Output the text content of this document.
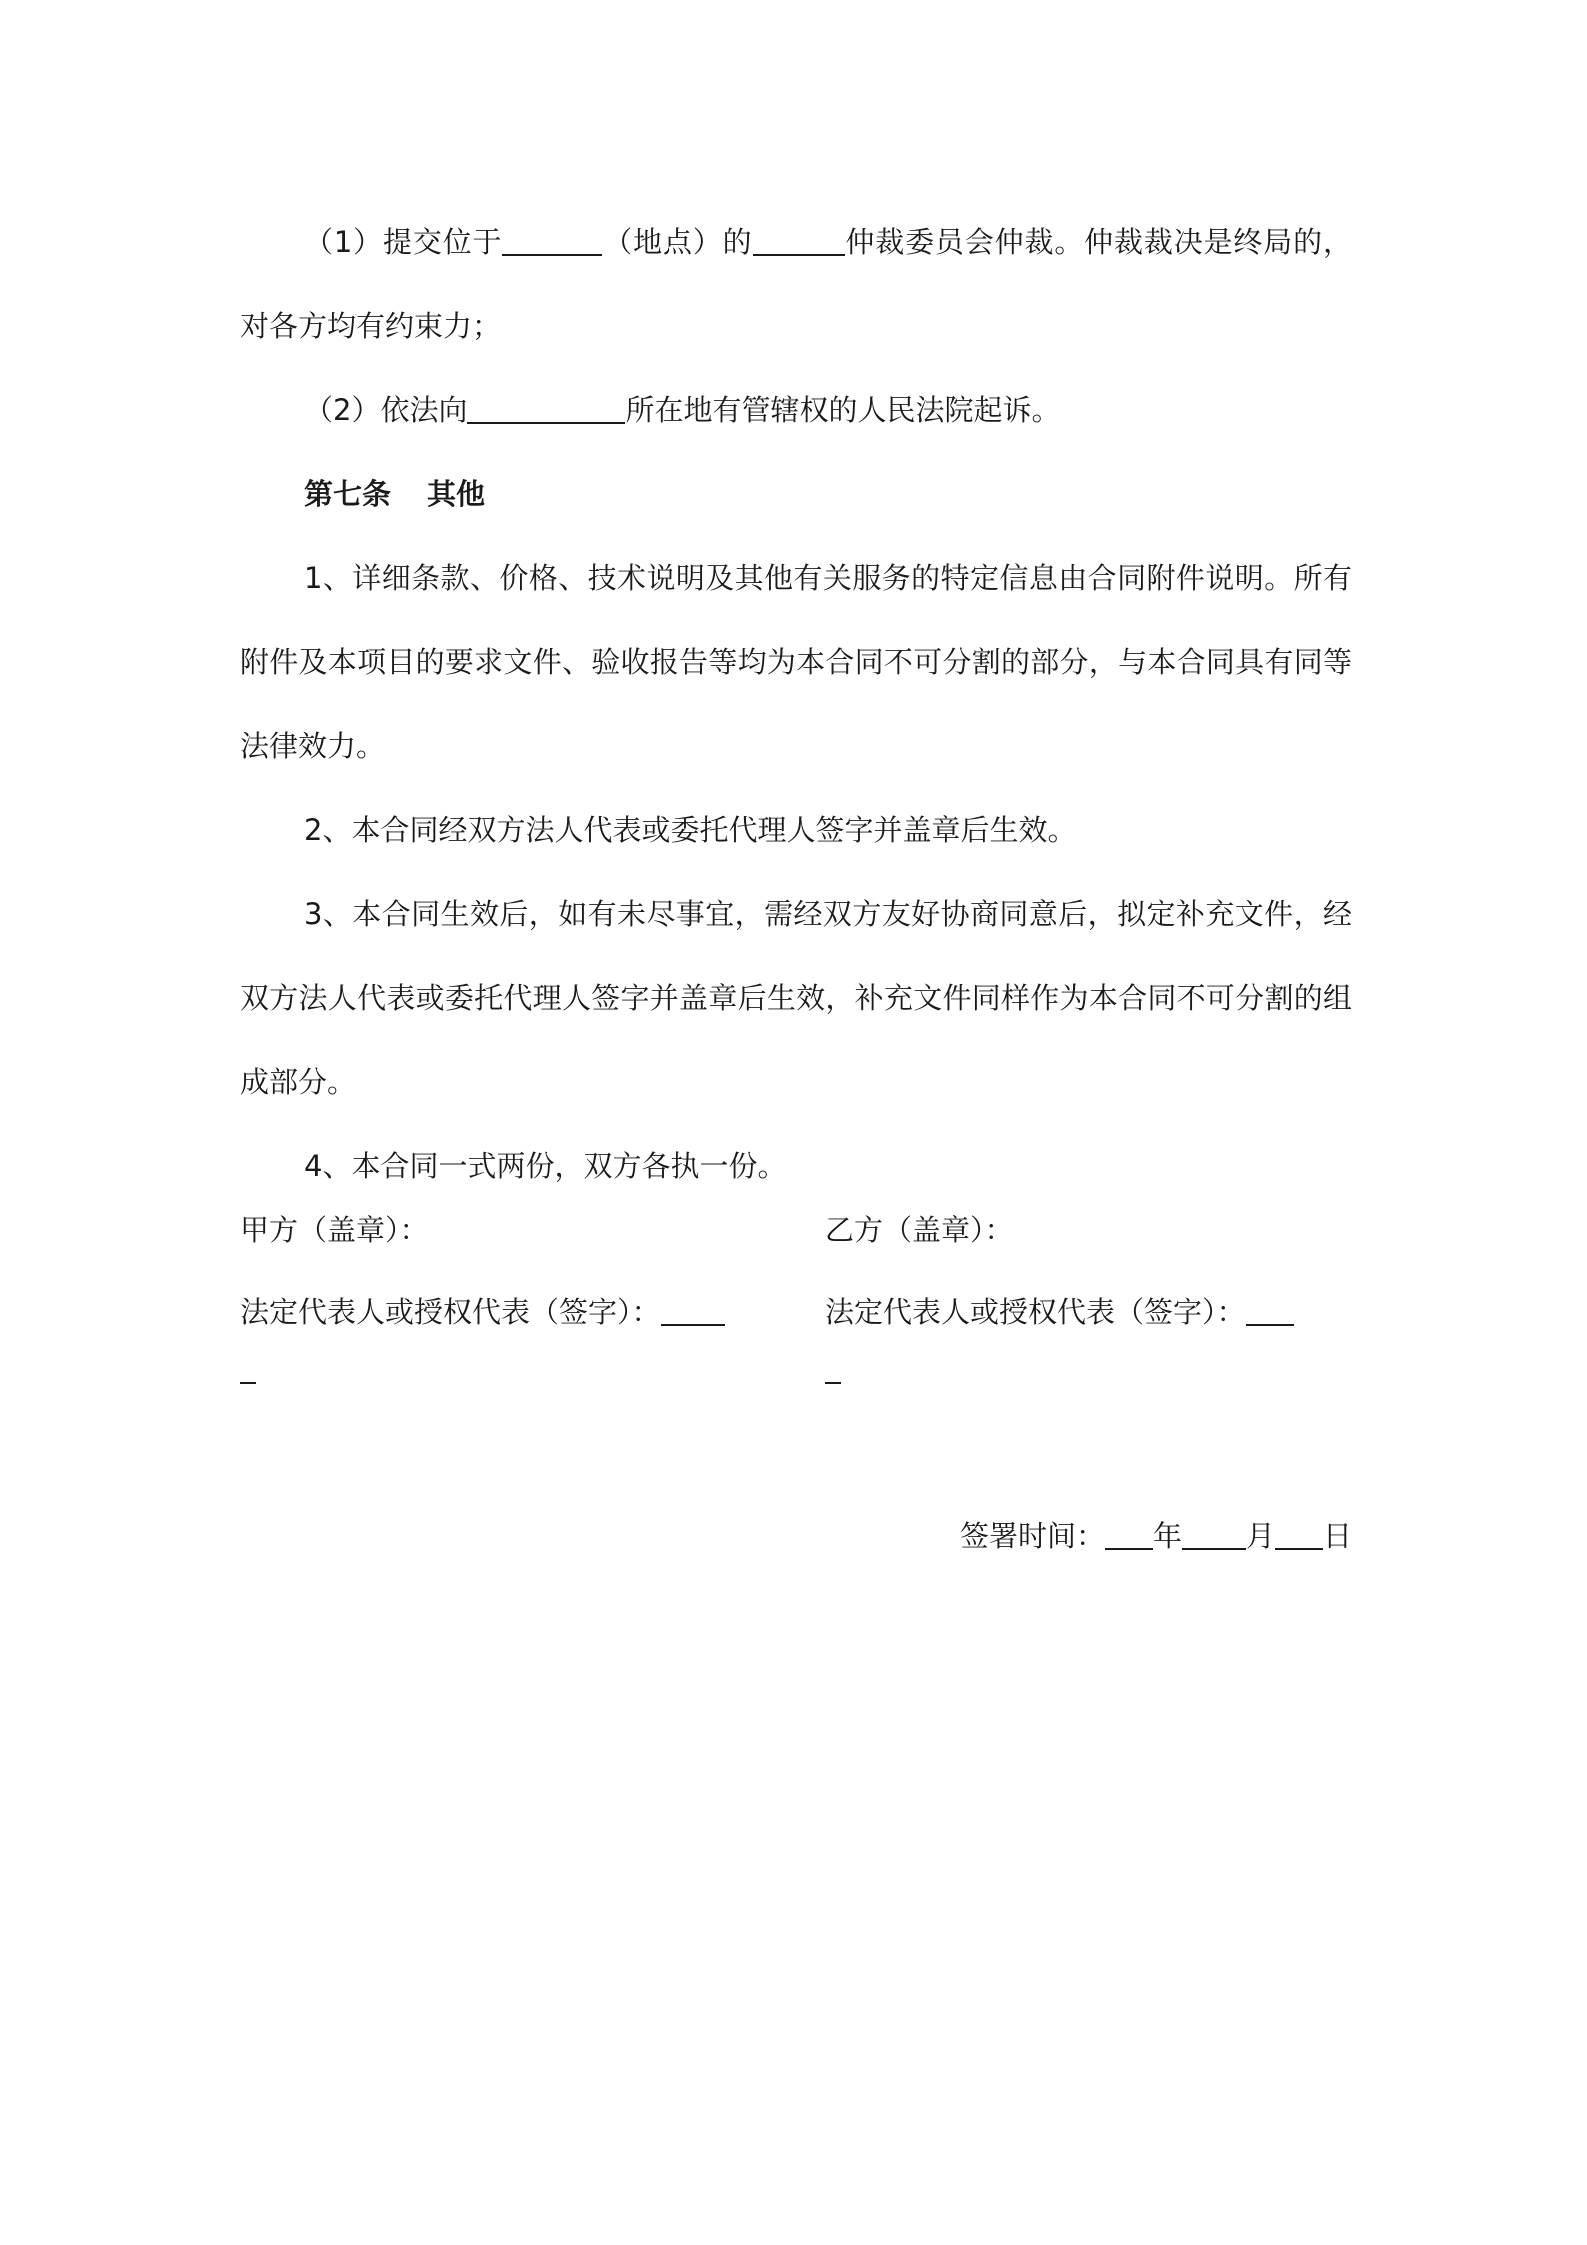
（1）提交位于	（地点）的	仲裁委员会仲裁。仲裁裁决是终局的，对各方均有约束力；

（2）依法向	所在地有管辖权的人民法院起诉。

第七条 其他

1、详细条款、价格、技术说明及其他有关服务的特定信息由合同附件说明。所有附件及本项目的要求文件、验收报告等均为本合同不可分割的部分，与本合同具有同等法律效力。

2、本合同经双方法人代表或委托代理人签字并盖章后生效。

3、本合同生效后，如有未尽事宜，需经双方友好协商同意后，拟定补充文件，经双方法人代表或委托代理人签字并盖章后生效，补充文件同样作为本合同不可分割的组成部分。

4、本合同一式两份，双方各执一份。

甲方（盖章）：
法定代表人或授权代表（签字）：
乙方（盖章）：
法定代表人或授权代表（签字）：
签署时间： 年 月 日
